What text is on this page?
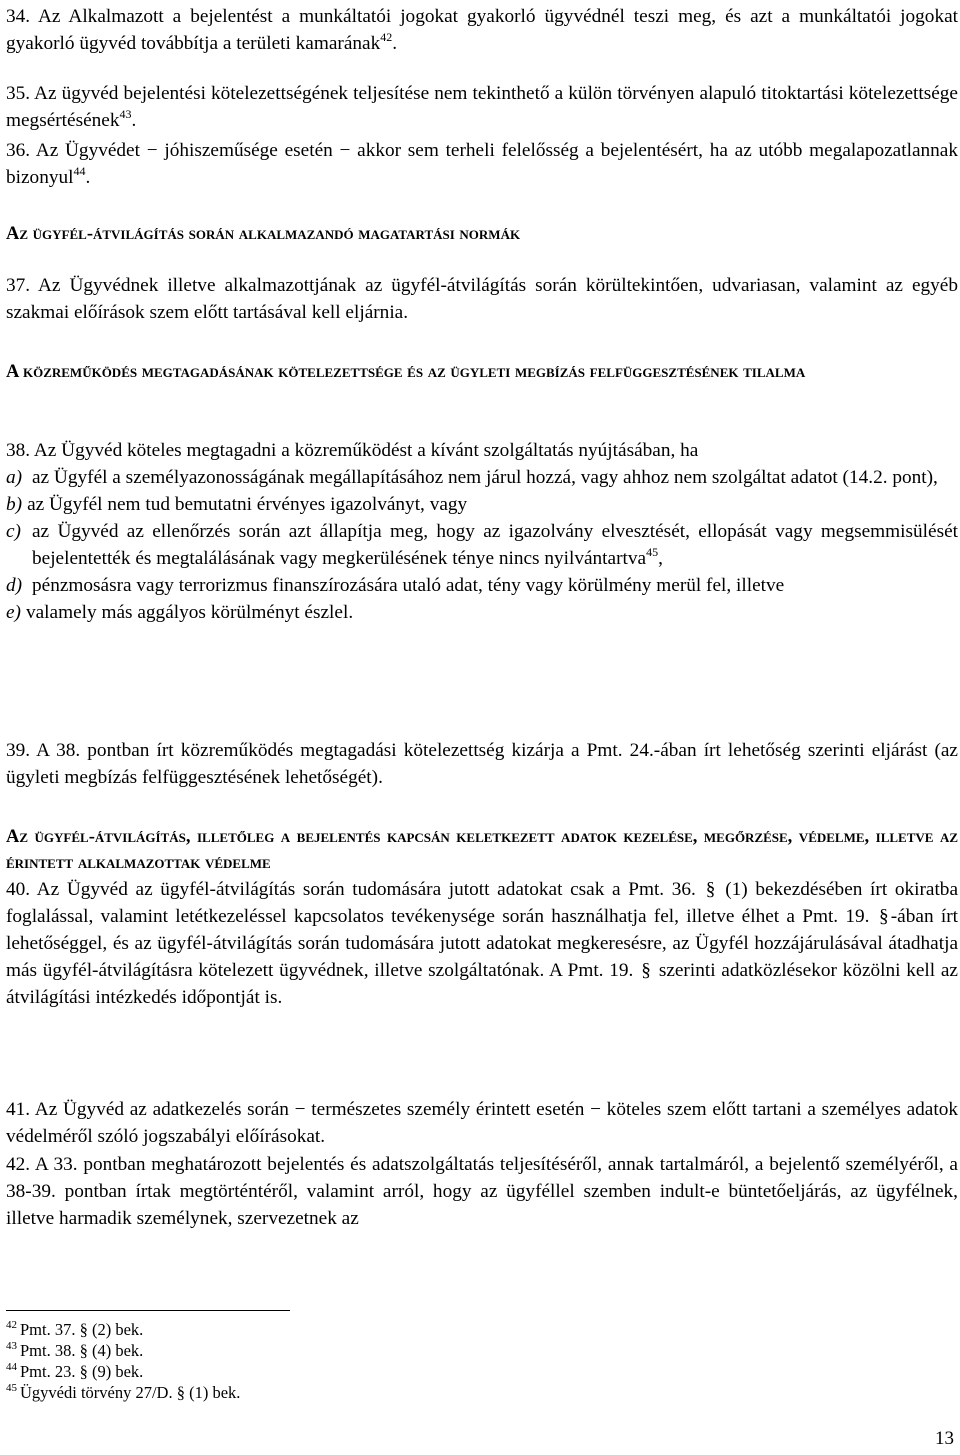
34. Az Alkalmazott a bejelentést a munkáltatói jogokat gyakorló ügyvédnél teszi meg, és azt a munkáltatói jogokat gyakorló ügyvéd továbbítja a területi kamarának$^{42}$.

35. Az ügyvéd bejelentési kötelezettségének teljesítése nem tekinthető a külön törvényen alapuló titoktartási kötelezettsége megsértésének$^{43}$.

36. Az Ügyvédet − jóhiszeműsége esetén − akkor sem terheli felelősség a bejelentésért, ha az utóbb megalapozatlannak bizonyul$^{44}$.

Az ügyfél-átvilágítás során alkalmazandó magatartási normák

37. Az Ügyvédnek illetve alkalmazottjának az ügyfél-átvilágítás során körültekintően, udvariasan, valamint az egyéb szakmai előírások szem előtt tartásával kell eljárnia.

A közreműködés megtagadásának kötelezettsége és az ügyleti megbízás felfüggesztésének tilalma

38. Az Ügyvéd köteles megtagadni a közreműködést a kívánt szolgáltatás nyújtásában, ha

a) az Ügyfél a személyazonosságának megállapításához nem járul hozzá, vagy ahhoz nem szolgáltat adatot (14.2. pont),
b) az Ügyfél nem tud bemutatni érvényes igazolványt, vagy
c) az Ügyvéd az ellenőrzés során azt állapítja meg, hogy az igazolvány elvesztését, ellopását vagy megsemmisülését bejelentették és megtalálásának vagy megkerülésének ténye nincs nyilvántartva$^{45}$,
d) pénzmosásra vagy terrorizmus finanszírozására utaló adat, tény vagy körülmény merül fel, illetve
e) valamely más aggályos körülményt észlel.

39. A 38. pontban írt közreműködés megtagadási kötelezettség kizárja a Pmt. 24.-ában írt lehetőség szerinti eljárást (az ügyleti megbízás felfüggesztésének lehetőségét).

Az ügyfél-átvilágítás, illetőleg a bejelentés kapcsán keletkezett adatok kezelése, megőrzése, védelme, illetve az érintett alkalmazottak védelme

40. Az Ügyvéd az ügyfél-átvilágítás során tudomására jutott adatokat csak a Pmt. 36. § (1) bekezdésében írt okiratba foglalással, valamint letétkezeléssel kapcsolatos tevékenysége során használhatja fel, illetve élhet a Pmt. 19. § -ában írt lehetőséggel, és az ügyfél-átvilágítás során tudomására jutott adatokat megkeresésre, az Ügyfél hozzájárulásával átadhatja más ügyfél-átvilágításra kötelezett ügyvédnek, illetve szolgáltatónak. A Pmt. 19. § szerinti adatközlésekor közölni kell az átvilágítási intézkedés időpontját is.

41. Az Ügyvéd az adatkezelés során − természetes személy érintett esetén − köteles szem előtt tartani a személyes adatok védelméről szóló jogszabályi előírásokat.

42. A 33. pontban meghatározott bejelentés és adatszolgáltatás teljesítéséről, annak tartalmáról, a bejelentő személyéről, a 38-39. pontban írtak megtörténtéről, valamint arról, hogy az ügyféllel szemben indult-e büntetőeljárás, az ügyfélnek, illetve harmadik személynek, szervezetnek az

$^{42}$ Pmt. 37. § (2) bek.
$^{43}$ Pmt. 38. § (4) bek.
$^{44}$ Pmt. 23. § (9) bek.
$^{45}$ Ügyvédi törvény 27/D. § (1) bek.
13
